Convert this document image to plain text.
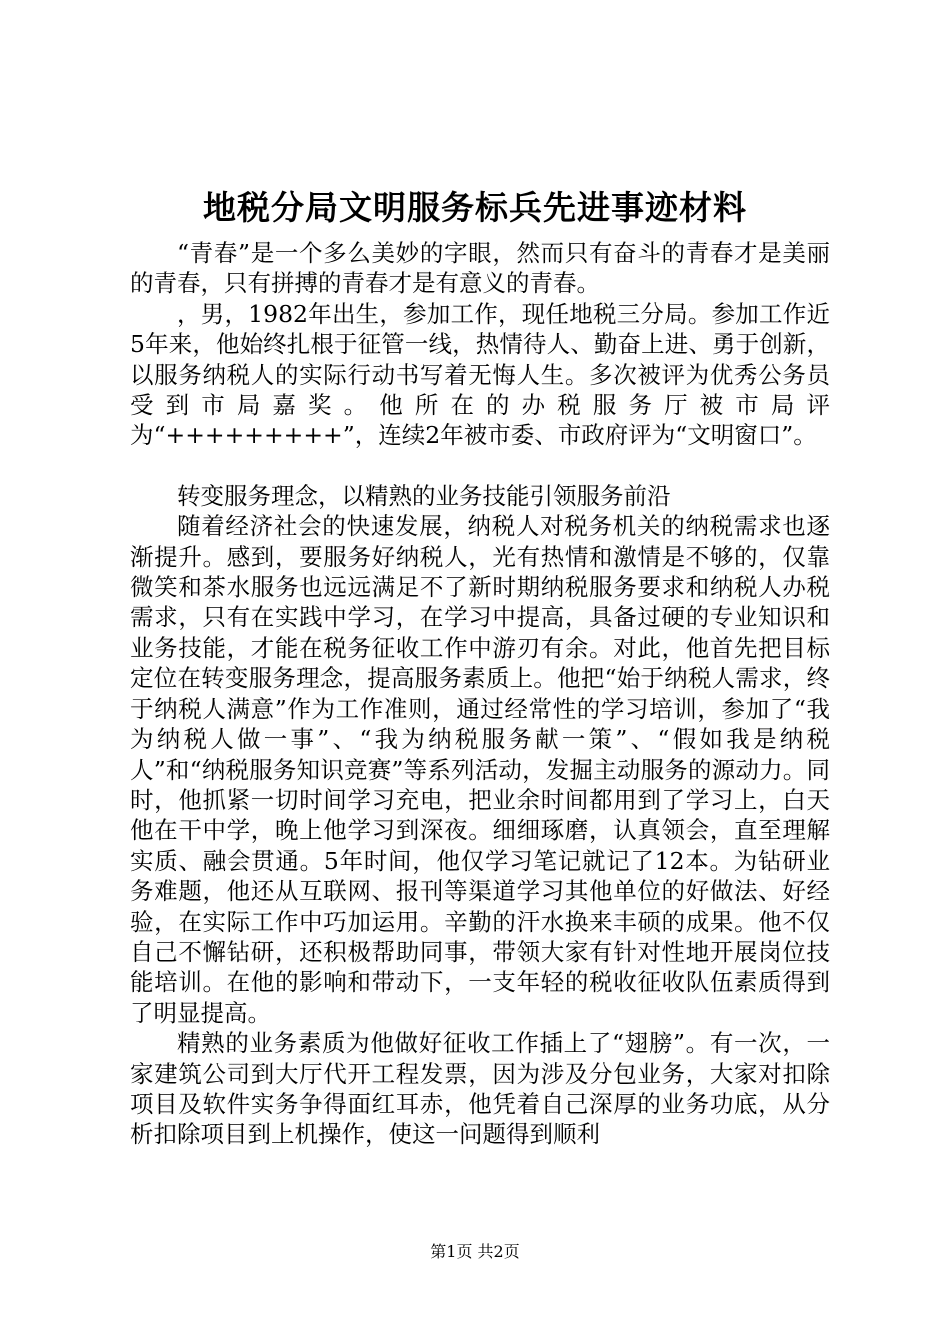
地税分局文明服务标兵先进事迹材料

“青春”是一个多么美妙的字眼，然而只有奋斗的青春才是美丽的青春，只有拼搏的青春才是有意义的青春。

，男，1982年出生，参加工作，现任地税三分局。参加工作近5年来，他始终扎根于征管一线，热情待人、勤奋上进、勇于创新，以服务纳税人的实际行动书写着无悔人生。多次被评为优秀公务员受到市局嘉奖。他所在的办税服务厅被市局评为“+++++++++”，连续2年被市委、市政府评为“文明窗口”。

转变服务理念，以精熟的业务技能引领服务前沿

随着经济社会的快速发展，纳税人对税务机关的纳税需求也逐渐提升。感到，要服务好纳税人，光有热情和激情是不够的，仅靠微笑和茶水服务也远远满足不了新时期纳税服务要求和纳税人办税需求，只有在实践中学习，在学习中提高，具备过硬的专业知识和业务技能，才能在税务征收工作中游刃有余。对此，他首先把目标定位在转变服务理念，提高服务素质上。他把“始于纳税人需求，终于纳税人满意”作为工作准则，通过经常性的学习培训，参加了“我为纳税人做一事”、“我为纳税服务献一策”、“假如我是纳税人”和“纳税服务知识竞赛”等系列活动，发掘主动服务的源动力。同时，他抓紧一切时间学习充电，把业余时间都用到了学习上，白天他在干中学，晚上他学习到深夜。细细琢磨，认真领会，直至理解实质、融会贯通。5年时间，他仅学习笔记就记了12本。为钻研业务难题，他还从互联网、报刊等渠道学习其他单位的好做法、好经验，在实际工作中巧加运用。辛勤的汗水换来丰硕的成果。他不仅自己不懈钻研，还积极帮助同事，带领大家有针对性地开展岗位技能培训。在他的影响和带动下，一支年轻的税收征收队伍素质得到了明显提高。

精熟的业务素质为他做好征收工作插上了“翅膀”。有一次，一家建筑公司到大厅代开工程发票，因为涉及分包业务，大家对扣除项目及软件实务争得面红耳赤，他凭着自己深厚的业务功底，从分析扣除项目到上机操作，使这一问题得到顺利

第1页 共2页
